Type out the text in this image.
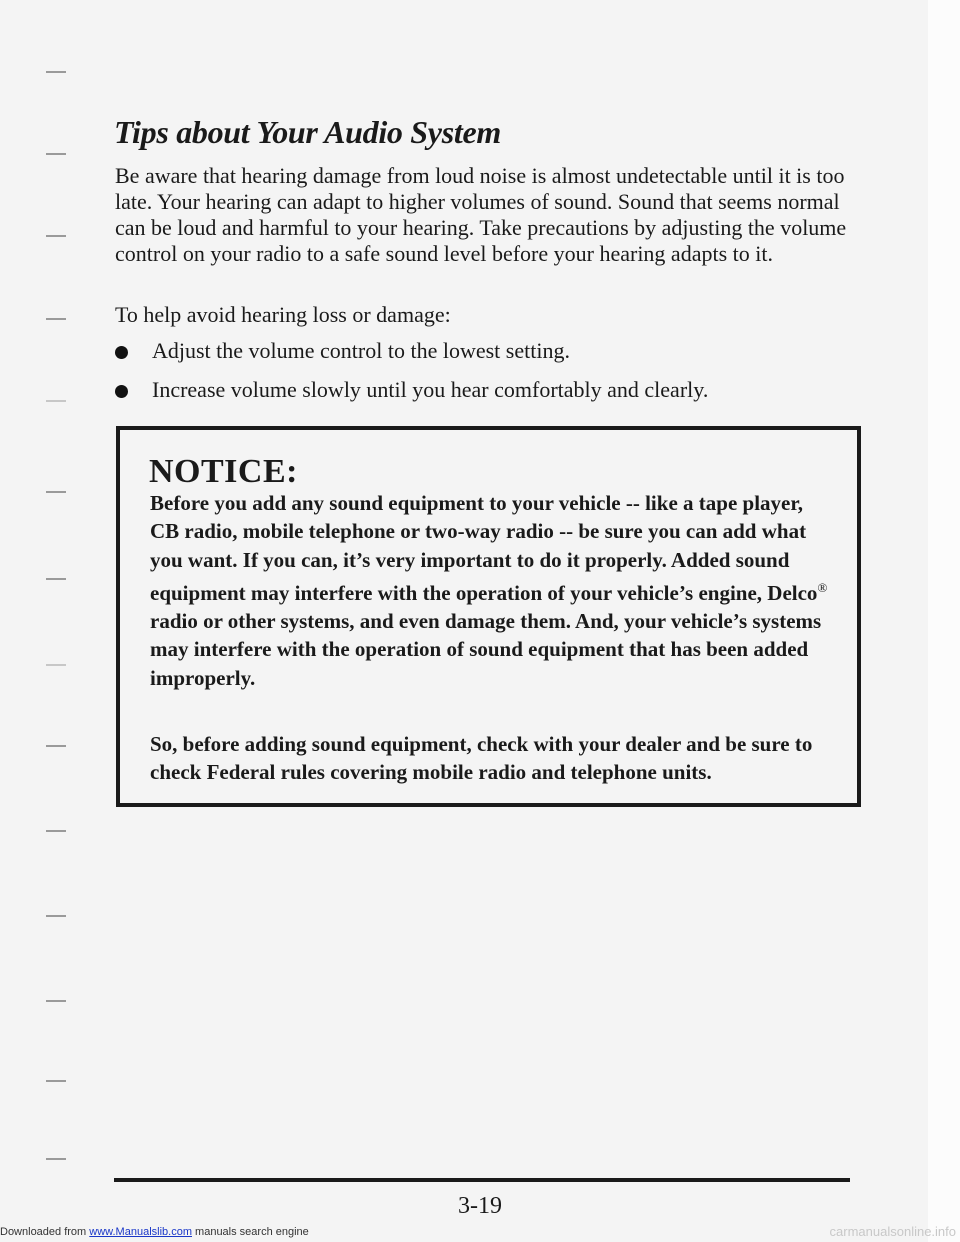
Tips about Your Audio System

Be aware that hearing damage from loud noise is almost undetectable until it is too late. Your hearing can adapt to higher volumes of sound. Sound that seems normal can be loud and harmful to your hearing. Take precautions by adjusting the volume control on your radio to a safe sound level before your hearing adapts to it.

To help avoid hearing loss or damage:

Adjust the volume control to the lowest setting.
Increase volume slowly until you hear comfortably and clearly.
NOTICE:

Before you add any sound equipment to your vehicle -- like a tape player, CB radio, mobile telephone or two-way radio -- be sure you can add what you want. If you can, it’s very important to do it properly. Added sound equipment may interfere with the operation of your vehicle’s engine, Delco® radio or other systems, and even damage them. And, your vehicle’s systems may interfere with the operation of sound equipment that has been added improperly.

So, before adding sound equipment, check with your dealer and be sure to check Federal rules covering mobile radio and telephone units.

3-19
Downloaded from www.Manualslib.com manuals search engine	carmanualsonline.info
